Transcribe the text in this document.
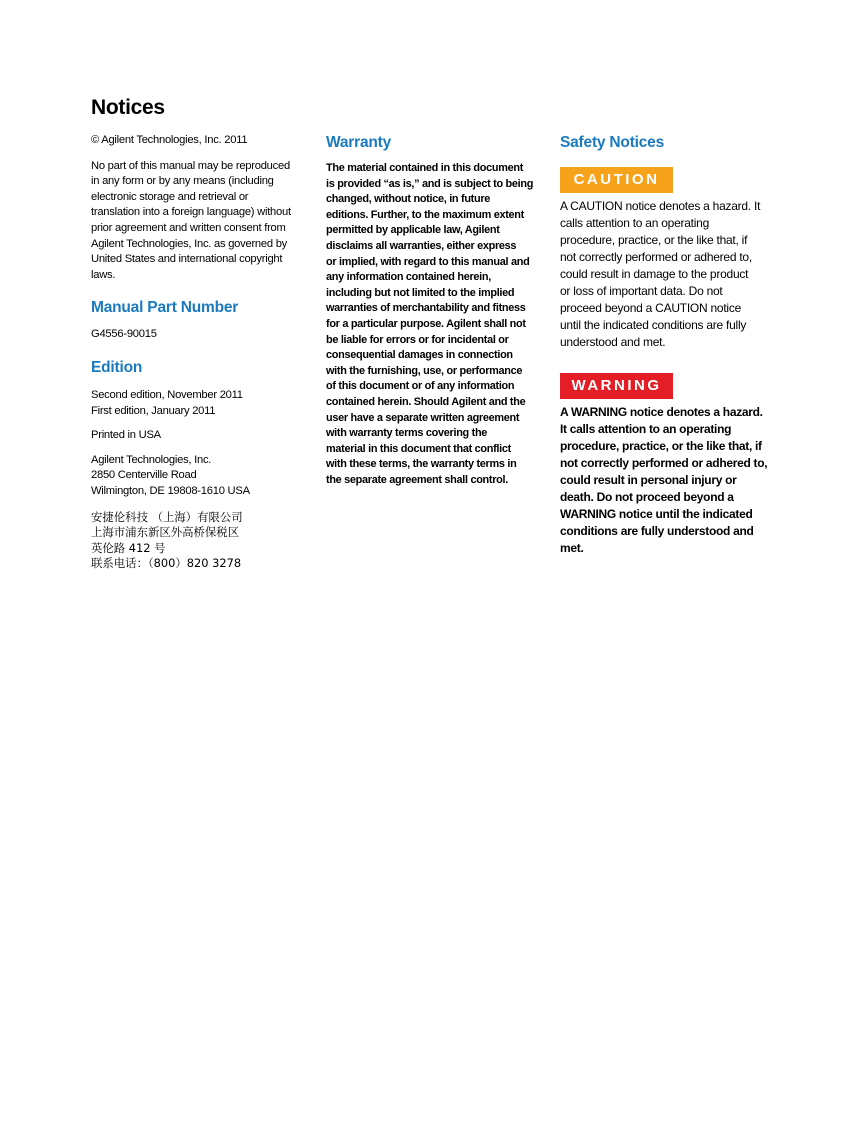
Notices

© Agilent Technologies, Inc. 2011

No part of this manual may be reproduced
in any form or by any means (including
electronic storage and retrieval or
translation into a foreign language) without
prior agreement and written consent from
Agilent Technologies, Inc. as governed by
United States and international copyright
laws.
Manual Part Number

G4556-90015

Edition
Second edition, November 2011
First edition, January 2011

Printed in USA

Agilent Technologies, Inc.
2850 Centerville Road
Wilmington, DE 19808-1610 USA
安捷伦科技 （上海）有限公司
上海市浦东新区外高桥保税区
英伦路 412 号
联系电话：（800）820 3278
Warranty
The material contained in this document
is provided “as is,” and is subject to being
changed, without notice, in future
editions. Further, to the maximum extent
permitted by applicable law, Agilent
disclaims all warranties, either express
or implied, with regard to this manual and
any information contained herein,
including but not limited to the implied
warranties of merchantability and fitness
for a particular purpose. Agilent shall not
be liable for errors or for incidental or
consequential damages in connection
with the furnishing, use, or performance
of this document or of any information
contained herein. Should Agilent and the
user have a separate written agreement
with warranty terms covering the
material in this document that conflict
with these terms, the warranty terms in
the separate agreement shall control.
Safety Notices
CAUTION
A CAUTION notice denotes a hazard. It
calls attention to an operating
procedure, practice, or the like that, if
not correctly performed or adhered to,
could result in damage to the product
or loss of important data. Do not
proceed beyond a CAUTION notice
until the indicated conditions are fully
understood and met.
WARNING
A WARNING notice denotes a hazard.
It calls attention to an operating
procedure, practice, or the like that, if
not correctly performed or adhered to,
could result in personal injury or
death. Do not proceed beyond a
WARNING notice until the indicated
conditions are fully understood and
met.
